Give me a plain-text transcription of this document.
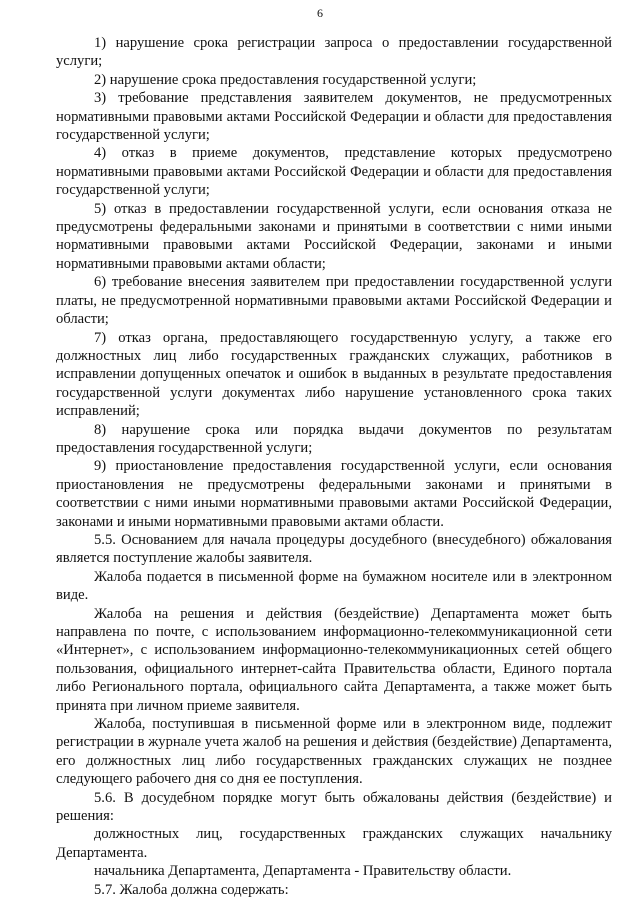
6

1) нарушение срока регистрации запроса о предоставлении государственной услуги;

2) нарушение срока предоставления государственной услуги;

3) требование представления заявителем документов, не предусмотренных нормативными правовыми актами Российской Федерации и области для предоставления государственной услуги;

4) отказ в приеме документов, представление которых предусмотрено нормативными правовыми актами Российской Федерации и области для предоставления государственной услуги;

5) отказ в предоставлении государственной услуги, если основания отказа не предусмотрены федеральными законами и принятыми в соответствии с ними иными нормативными правовыми актами Российской Федерации, законами и иными нормативными правовыми актами области;

6) требование внесения заявителем при предоставлении государственной услуги платы, не предусмотренной нормативными правовыми актами Российской Федерации и области;

7) отказ органа, предоставляющего государственную услугу, а также его должностных лиц либо государственных гражданских служащих, работников в исправлении допущенных опечаток и ошибок в выданных в результате предоставления государственной услуги документах либо нарушение установленного срока таких исправлений;

8) нарушение срока или порядка выдачи документов по результатам предоставления государственной услуги;

9) приостановление предоставления государственной услуги, если основания приостановления не предусмотрены федеральными законами и принятыми в соответствии с ними иными нормативными правовыми актами Российской Федерации, законами и иными нормативными правовыми актами области.

5.5. Основанием для начала процедуры досудебного (внесудебного) обжалования является поступление жалобы заявителя.

Жалоба подается в письменной форме на бумажном носителе или в электронном виде.

Жалоба на решения и действия (бездействие) Департамента может быть направлена по почте, с использованием информационно-телекоммуникационной сети «Интернет», с использованием информационно-телекоммуникационных сетей общего пользования, официального интернет-сайта Правительства области, Единого портала либо Регионального портала, официального сайта Департамента, а также может быть принята при личном приеме заявителя.

Жалоба, поступившая в письменной форме или в электронном виде, подлежит регистрации в журнале учета жалоб на решения и действия (бездействие) Департамента, его должностных лиц либо государственных гражданских служащих не позднее следующего рабочего дня со дня ее поступления.

5.6. В досудебном порядке могут быть обжалованы действия (бездействие) и решения:

должностных лиц, государственных гражданских служащих начальнику Департамента.

начальника Департамента, Департамента - Правительству области.

5.7. Жалоба должна содержать:
